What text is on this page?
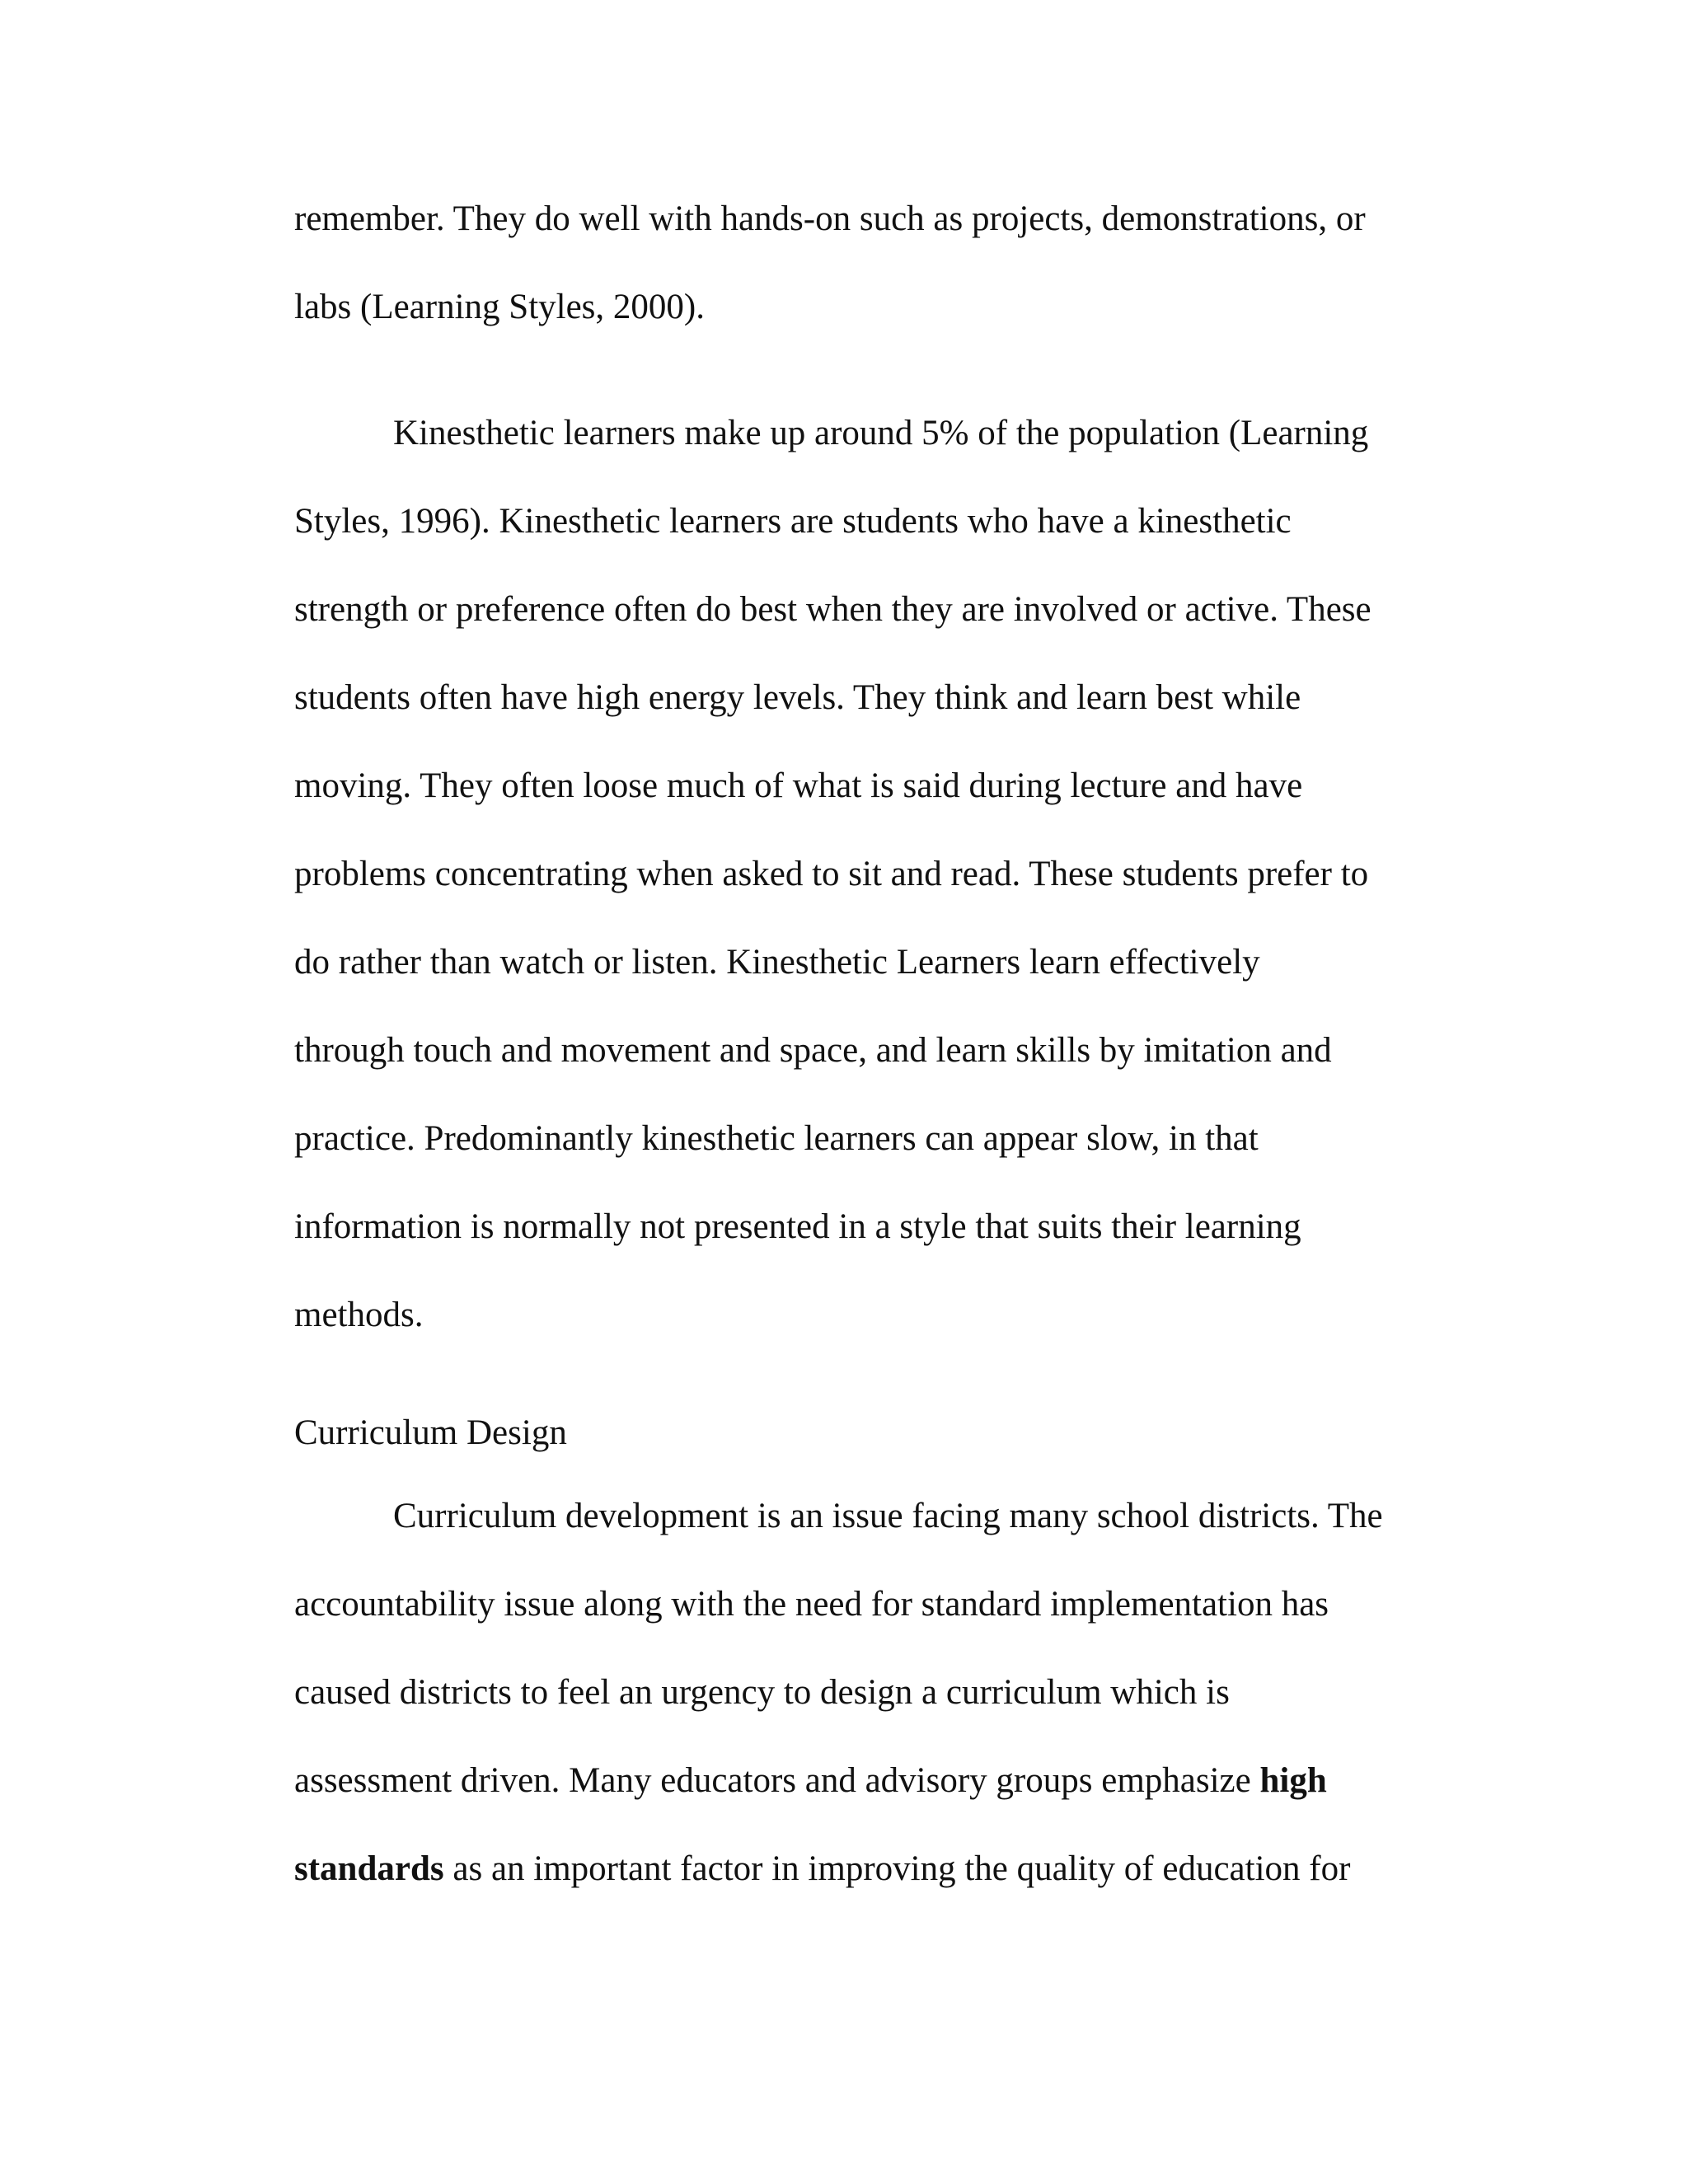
remember. They do well with hands-on such as projects, demonstrations, or
labs (Learning Styles, 2000).
Kinesthetic learners make up around 5% of the population (Learning
Styles, 1996). Kinesthetic learners are students who have a kinesthetic
strength or preference often do best when they are involved or active. These
students often have high energy levels. They think and learn best while
moving. They often loose much of what is said during lecture and have
problems concentrating when asked to sit and read. These students prefer to
do rather than watch or listen. Kinesthetic Learners learn effectively
through touch and movement and space, and learn skills by imitation and
practice. Predominantly kinesthetic learners can appear slow, in that
information is normally not presented in a style that suits their learning
methods.
Curriculum Design
Curriculum development is an issue facing many school districts. The
accountability issue along with the need for standard implementation has
caused districts to feel an urgency to design a curriculum which is
assessment driven. Many educators and advisory groups emphasize high
standards as an important factor in improving the quality of education for
